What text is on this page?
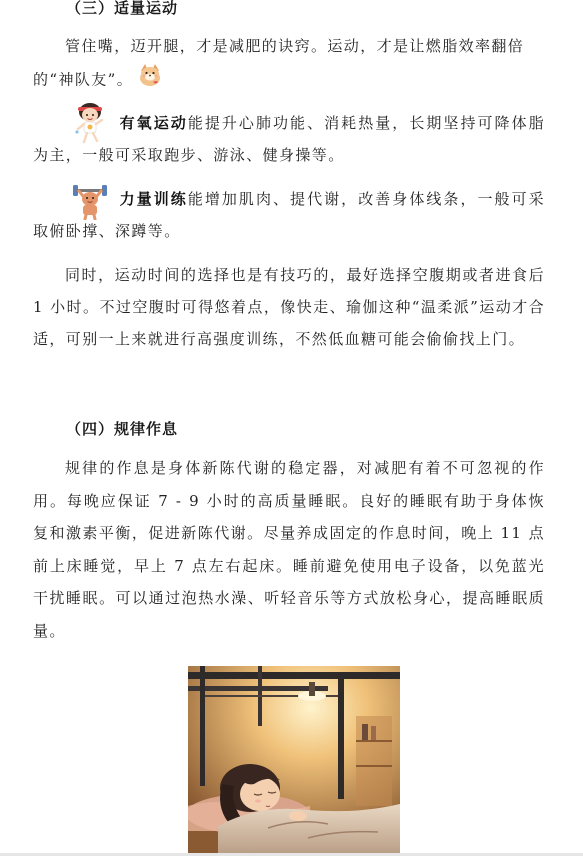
（三）适量运动
管住嘴，迈开腿，才是减肥的诀窍。运动，才是让燃脂效率翻倍
的“神队友”。
有氧运动能提升心肺功能、消耗热量，长期坚持可降体脂为主，一般可采取跑步、游泳、健身操等。
力量训练能增加肌肉、提代谢，改善身体线条，一般可采取俯卧撑、深蹲等。
同时，运动时间的选择也是有技巧的，最好选择空腹期或者进食后 1 小时。不过空腹时可得悠着点，像快走、瑜伽这种“温柔派”运动才合适，可别一上来就进行高强度训练，不然低血糖可能会偷偷找上门。
（四）规律作息
规律的作息是身体新陈代谢的稳定器，对减肥有着不可忽视的作用。每晚应保证 7 - 9 小时的高质量睡眠。良好的睡眠有助于身体恢复和激素平衡，促进新陈代谢。尽量养成固定的作息时间，晚上 11 点前上床睡觉，早上 7 点左右起床。睡前避免使用电子设备，以免蓝光干扰睡眠。可以通过泡热水澡、听轻音乐等方式放松身心，提高睡眠质量。
